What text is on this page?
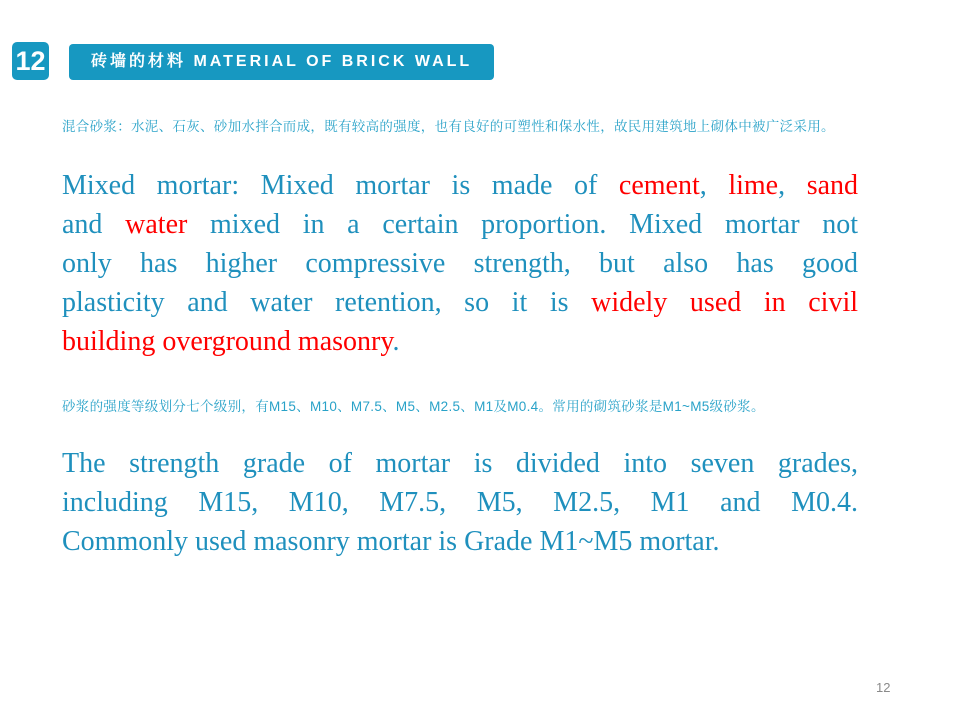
12	砖墙的材料 MATERIAL OF BRICK WALL

混合砂浆：水泥、石灰、砂加水拌合而成，既有较高的强度，也有良好的可塑性和保水性，故民用建筑地上砌体中被广泛采用。

Mixed mortar: Mixed mortar is made of cement, lime, sand
and water mixed in a certain proportion. Mixed mortar not
only has higher compressive strength, but also has good
plasticity and water retention, so it is widely used in civil
building overground masonry.

砂浆的强度等级划分七个级别，有M15、M10、M7.5、M5、M2.5、M1及M0.4。常用的砌筑砂浆是M1~M5级砂浆。

The strength grade of mortar is divided into seven grades,
including M15, M10, M7.5, M5, M2.5, M1 and M0.4.
Commonly used masonry mortar is Grade M1~M5 mortar.
12
